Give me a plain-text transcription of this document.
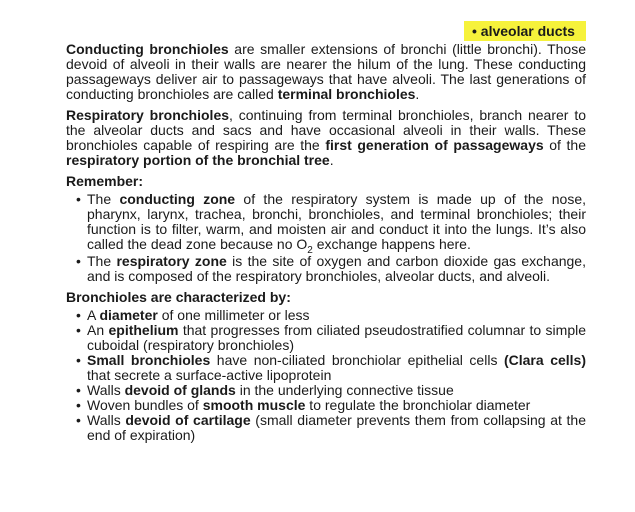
• alveolar ducts

Conducting bronchioles are smaller extensions of bronchi (little bronchi). Those devoid of alveoli in their walls are nearer the hilum of the lung. These conducting passageways deliver air to passageways that have alveoli. The last generations of conducting bronchioles are called terminal bronchioles.

Respiratory bronchioles, continuing from terminal bronchioles, branch nearer to the alveolar ducts and sacs and have occasional alveoli in their walls. These bronchioles capable of respiring are the first generation of passageways of the respiratory portion of the bronchial tree.

Remember:
• The conducting zone of the respiratory system is made up of the nose, pharynx, larynx, trachea, bronchi, bronchioles, and terminal bronchioles; their function is to filter, warm, and moisten air and conduct it into the lungs. It’s also called the dead zone because no $O_2$ exchange happens here.
• The respiratory zone is the site of oxygen and carbon dioxide gas exchange, and is composed of the respiratory bronchioles, alveolar ducts, and alveoli.
Bronchioles are characterized by:
• A diameter of one millimeter or less
• An epithelium that progresses from ciliated pseudostratified columnar to simple cuboidal (respiratory bronchioles)
• Small bronchioles have non-ciliated bronchiolar epithelial cells (Clara cells) that secrete a surface-active lipoprotein
• Walls devoid of glands in the underlying connective tissue
• Woven bundles of smooth muscle to regulate the bronchiolar diameter
• Walls devoid of cartilage (small diameter prevents them from collapsing at the end of expiration)
